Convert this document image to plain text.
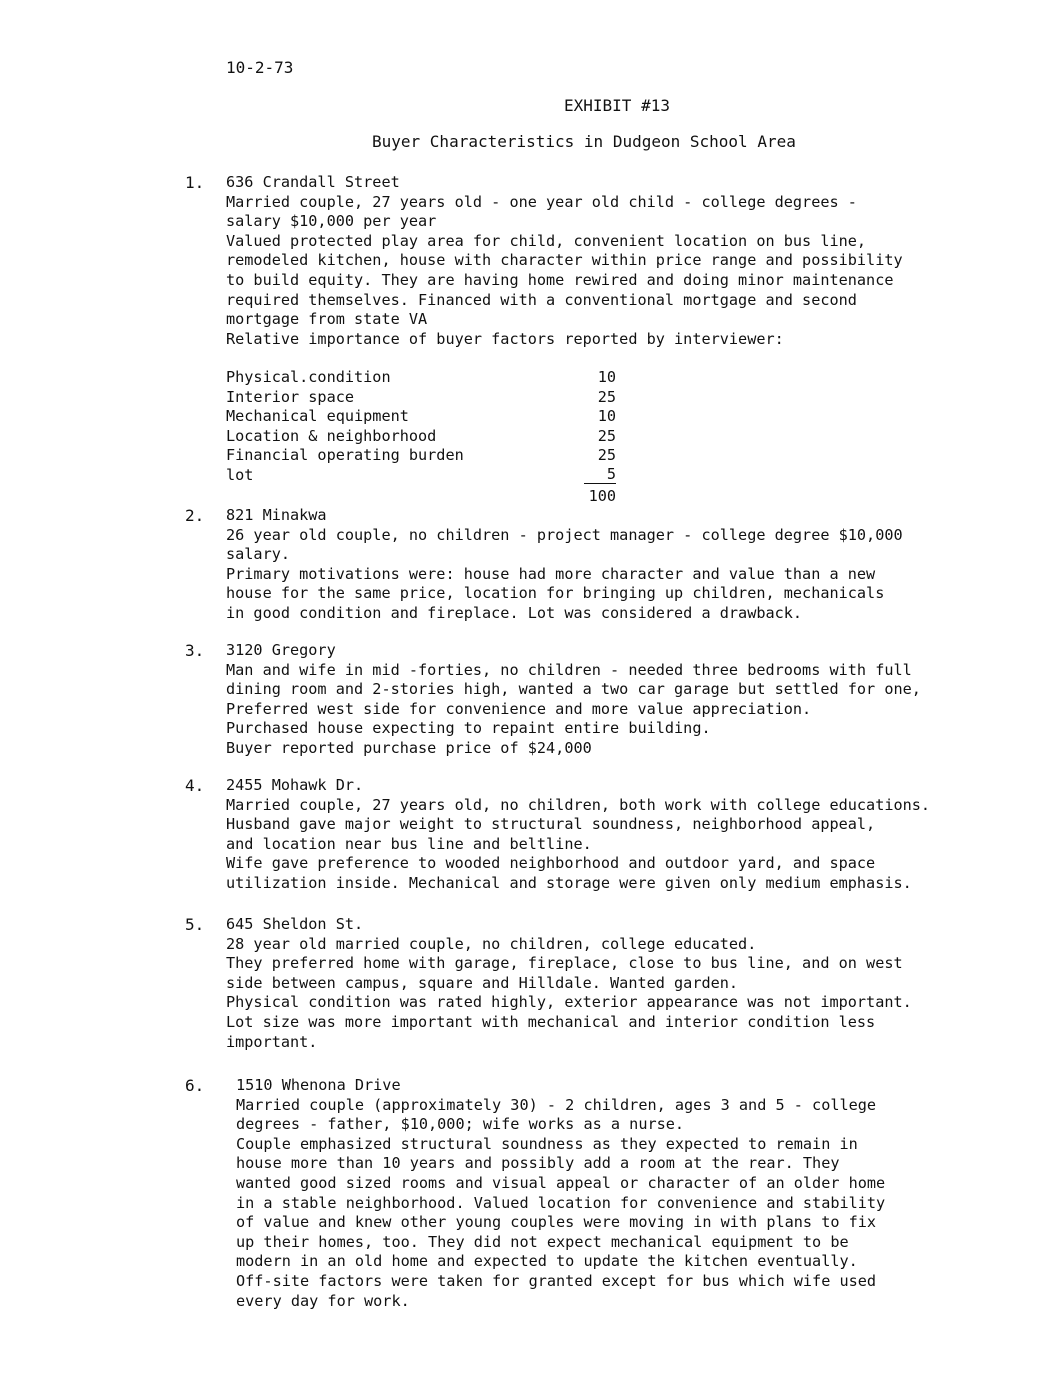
10-2-73
EXHIBIT #13
Buyer Characteristics in Dudgeon School Area
1. 636 Crandall Street
Married couple, 27 years old - one year old child - college degrees -
salary $10,000 per year
Valued protected play area for child, convenient location on bus line,
remodeled kitchen, house with character within price range and possibility
to build equity. They are having home rewired and doing minor maintenance
required themselves. Financed with a conventional mortgage and second
mortgage from state VA
Relative importance of buyer factors reported by interviewer:
Physical.condition	10
Interior space	25
Mechanical equipment	10
Location & neighborhood	25
Financial operating burden	25
lot	5
100
2. 821 Minakwa
26 year old couple, no children - project manager - college degree $10,000
salary.
Primary motivations were: house had more character and value than a new
house for the same price, location for bringing up children, mechanicals
in good condition and fireplace. Lot was considered a drawback.
3. 3120 Gregory
Man and wife in mid -forties, no children - needed three bedrooms with full
dining room and 2-stories high, wanted a two car garage but settled for one,
Preferred west side for convenience and more value appreciation.
Purchased house expecting to repaint entire building.
Buyer reported purchase price of $24,000
4. 2455 Mohawk Dr.
Married couple, 27 years old, no children, both work with college educations.
Husband gave major weight to structural soundness, neighborhood appeal,
and location near bus line and beltline.
Wife gave preference to wooded neighborhood and outdoor yard, and space
utilization inside. Mechanical and storage were given only medium emphasis.
5. 645 Sheldon St.
28 year old married couple, no children, college educated.
They preferred home with garage, fireplace, close to bus line, and on west
side between campus, square and Hilldale. Wanted garden.
Physical condition was rated highly, exterior appearance was not important.
Lot size was more important with mechanical and interior condition less
important.
6. 1510 Whenona Drive
Married couple (approximately 30) - 2 children, ages 3 and 5 - college
degrees - father, $10,000; wife works as a nurse.
Couple emphasized structural soundness as they expected to remain in
house more than 10 years and possibly add a room at the rear. They
wanted good sized rooms and visual appeal or character of an older home
in a stable neighborhood. Valued location for convenience and stability
of value and knew other young couples were moving in with plans to fix
up their homes, too. They did not expect mechanical equipment to be
modern in an old home and expected to update the kitchen eventually.
Off-site factors were taken for granted except for bus which wife used
every day for work.
